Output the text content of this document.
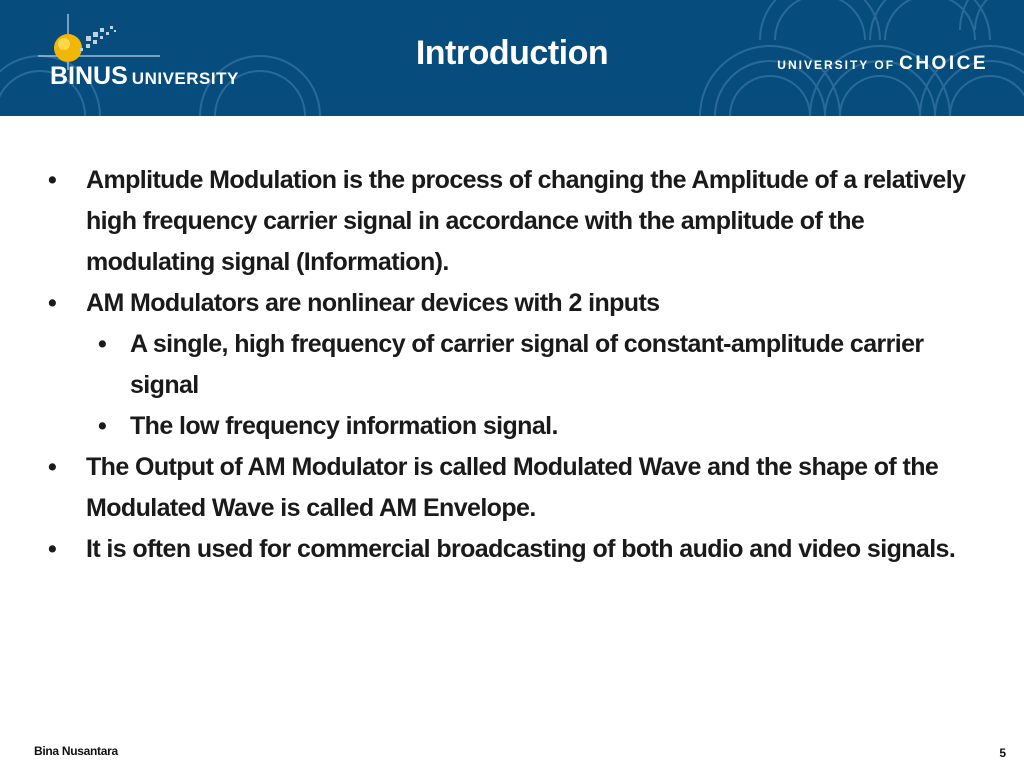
BINUS UNIVERSITY
Introduction	UNIVERSITY OF CHOICE
• Amplitude Modulation is the process of changing the Amplitude of a relatively high frequency carrier signal in accordance with the amplitude of the modulating signal (Information).
• AM Modulators are nonlinear devices with 2 inputs
• A single, high frequency of carrier signal of constant-amplitude carrier signal
• The low frequency information signal.
• The Output of AM Modulator is called Modulated Wave and the shape of the Modulated Wave is called AM Envelope.
• It is often used for commercial broadcasting of both audio and video signals.
Bina Nusantara	5
